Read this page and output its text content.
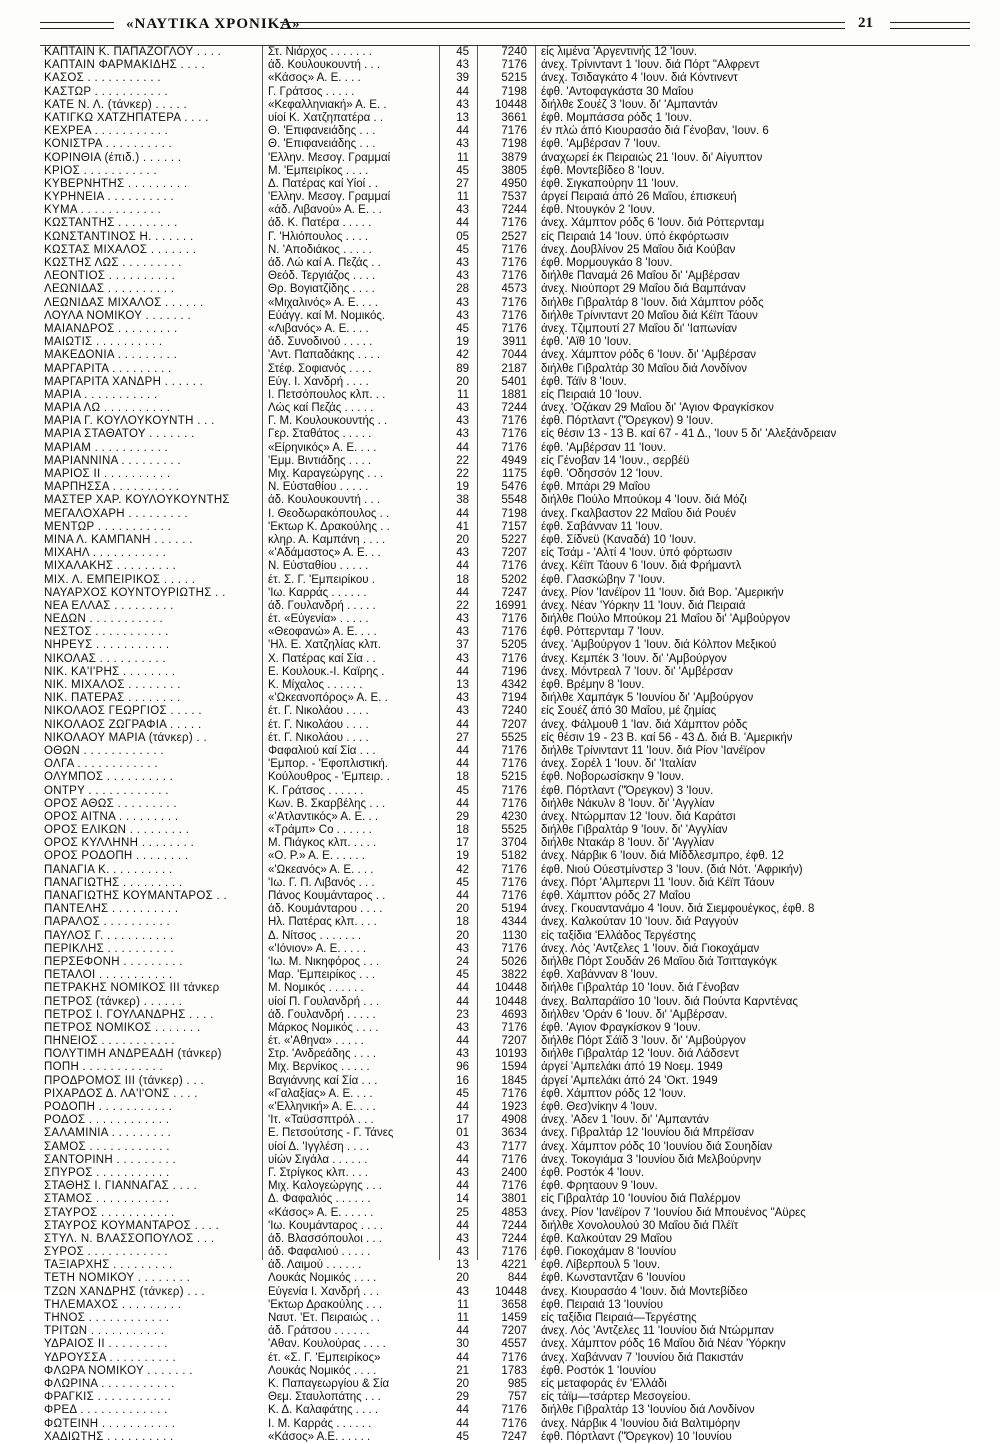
«ΝΑΥΤΙΚΑ ΧΡΟΝΙΚΑ»	21
ΚΑΠΤΑΙΝ Κ. ΠΑΠΑΖΟΓΛΟΥ . . . .	Στ. Νιάρχος . . . . . . .	45	7240	είς λιμένα 'Αργεντινής 12 'Ιουν.
ΚΑΠΤΑΙΝ ΦΑΡΜΑΚΙΔΗΣ . . . .	άδ. Κουλουκουντή . . .	43	7176	άνεχ. Τρίνινταντ 1 'Ιουν. διά Πόρτ "Αλφρεντ
ΚΑΣΟΣ . . . . . . . . . . .	«Κάσος» Α. Ε. . . .	39	5215	άνεχ. Τσιδαγκάτο 4 'Ιουν. διά Κόντινεντ
ΚΑΣΤΩΡ . . . . . . . . . . .	Γ. Γράτσος . . . . .	44	7198	έφθ. 'Αντοφαγκάστα 30 Μαΐου
ΚΑΤΕ Ν. Λ. (τάνκερ) . . . . .	«Κεφαλληνιακή» Α. Ε. .	43	10448	διήλθε Σουέζ 3 'Ιουν. δι' 'Αμπαντάν
ΚΑΤΙΓΚΩ ΧΑΤΖΗΠΑΤΕΡΑ . . . .	υίοί Κ. Χατζηπατέρα . .	13	3661	έφθ. Μομπάσσα ρόδς 1 'Ιουν.
ΚΕΧΡΕΑ . . . . . . . . . . .	Θ. 'Επιφανειάδης . . .	44	7176	έν πλώ άπό Κιουρασάο διά Γένοβαν, 'Ιουν. 6
ΚΟΝΙΣΤΡΑ . . . . . . . . . .	Θ. 'Επιφανειάδης . . .	43	7198	έφθ. 'Αμβέρσαν 7 'Ιουν.
ΚΟΡΙΝΘΙΑ (έπιδ.) . . . . . .	'Ελλην. Μεσογ. Γραμμαί	11	3879	άναχωρεί έκ Πειραιώς 21 'Ιουν. δι' Αίγυπτον
ΚΡΙΟΣ . . . . . . . . . . .	Μ. 'Εμπειρίκος . . . .	45	3805	έφθ. Μοντεβίδεο 8 'Ιουν.
ΚΥΒΕΡΝΗΤΗΣ . . . . . . . . .	Δ. Πατέρας καί Υίοί . .	27	4950	έφθ. Σιγκαπούρην 11 'Ιουν.
ΚΥΡΗΝΕΙΑ . . . . . . . . . .	'Ελλην. Μεσογ. Γραμμαί	11	7537	άργεί Πειραιά άπό 26 Μαΐου, έπισκευή
ΚΥΜΑ . . . . . . . . . . . .	«άδ. Λιβανού» Α. Ε. . .	43	7244	έφθ. Ντουγκόν 2 'Ιουν.
ΚΩΣΤΑΝΤΗΣ . . . . . . . . .	άδ. Κ. Πατέρα . . . . .	44	7176	άνεχ. Χάμπτον ρόδς 6 'Ιουν. διά Ρόττερνταμ
ΚΩΝΣΤΑΝΤΙΝΟΣ Η. . . . . . .	Γ. 'Ηλιόπουλος . . . .	05	2527	είς Πειραιά 14 'Ιουν. ύπό έκφόρτωσιν
ΚΩΣΤΑΣ ΜΙΧΑΛΟΣ . . . . . . .	Ν. 'Αποδιάκος . . . . .	45	7176	άνεχ. Δουβλίνον 25 Μαΐου διά Κούβαν
ΚΩΣΤΗΣ ΛΩΣ . . . . . . . . .	άδ. Λώ καί Α. Πεζάς . .	43	7176	έφθ. Μορμουγκάο 8 'Ιουν.
ΛΕΟΝΤΙΟΣ . . . . . . . . . .	Θεόδ. Τεργιάζος . . . .	43	7176	διήλθε Παναμά 26 Μαΐου δι' 'Αμβέρσαν
ΛΕΩΝΙΔΑΣ . . . . . . . . . .	Θρ. Βογιατζίδης . . . .	28	4573	άνεχ. Νιούπορτ 29 Μαΐου διά Βαμπάναν
ΛΕΩΝΙΔΑΣ ΜΙΧΑΛΟΣ . . . . . .	«Μιχαλινός» Α. Ε. . . .	43	7176	διήλθε Γιβραλτάρ 8 'Ιουν. διά Χάμπτον ρόδς
ΛΟΥΛΑ ΝΟΜΙΚΟΥ . . . . . . .	Εύάγγ. καί Μ. Νομικός.	43	7176	διήλθε Τρίνινταντ 20 Μαΐου διά Κέϊπ Τάουν
ΜΑΙΑΝΔΡΟΣ . . . . . . . . .	«Λιβανός» Α. Ε. . . .	45	7176	άνεχ. Τζιμπουτί 27 Μαΐου δι' 'Ιαπωνίαν
ΜΑΙΩΤΙΣ . . . . . . . . . .	άδ. Συνοδινού . . . . .	19	3911	έφθ. 'Αϊθ 10 'Ιουν.
ΜΑΚΕΔΟΝΙΑ . . . . . . . . .	'Αντ. Παπαδάκης . . . .	42	7044	άνεχ. Χάμπτον ρόδς 6 'Ιουν. δι' 'Αμβέρσαν
ΜΑΡΓΑΡΙΤΑ . . . . . . . . .	Στέφ. Σοφιανός . . . .	89	2187	διήλθε Γιβραλτάρ 30 Μαΐου διά Λονδίνον
ΜΑΡΓΑΡΙΤΑ ΧΑΝΔΡΗ . . . . . .	Εύγ. Ι. Χανδρή . . . .	20	5401	έφθ. Τάϊν 8 'Ιουν.
ΜΑΡΙΑ . . . . . . . . . . .	Ι. Πετσόπουλος κλπ. . .	11	1881	είς Πειραιά 10 'Ιουν.
ΜΑΡΙΑ ΛΩ . . . . . . . . . .	Λώς καί Πεζάς . . . . .	43	7244	άνεχ. 'Οζάκαν 29 Μαΐου δι' 'Αγιον Φραγκίσκον
ΜΑΡΙΑ Γ. ΚΟΥΛΟΥΚΟΥΝΤΗ . . .	Γ. Μ. Κουλουκουντής . .	43	7176	έφθ. Πόρτλαντ ("Όρεγκον) 9 'Ιουν.
ΜΑΡΙΑ ΣΤΑΘΑΤΟΥ . . . . . . .	Γερ. Σταθάτος . . . . .	43	7176	είς θέσιν 13 - 13 Β. καί 67 - 41 Δ., 'Ιουν 5 δι' 'Αλεξάνδρειαν
ΜΑΡΙΑΜ . . . . . . . . . . .	«Είρηνικός» Α. Ε. . . .	44	7176	έφθ. 'Αμβέρσαν 11 'Ιουν.
ΜΑΡΙΑΝΝΙΝΑ . . . . . . . . .	'Εμμ. Βιντιάδης . . . .	22	4949	είς Γένοβαν 14 'Ιουν., σερβέϋ
ΜΑΡΙΟΣ ΙΙ . . . . . . . . . .	Μιχ. Καραγεώργης . . .	22	1175	έφθ. 'Οδησσόν 12 'Ιουν.
ΜΑΡΠΗΣΣΑ . . . . . . . . . .	Ν. Εύσταθίου . . . . .	19	5476	έφθ. Μπάρι 29 Μαΐου
ΜΑΣΤΕΡ ΧΑΡ. ΚΟΥΛΟΥΚΟΥΝΤΗΣ	άδ. Κουλουκουντή . . .	38	5548	διήλθε Πούλο Μπούκομ 4 'Ιουν. διά Μόζι
ΜΕΓΑΛΟΧΑΡΗ . . . . . . . . .	Ι. Θεοδωρακόπουλος . .	44	7198	άνεχ. Γκαλβαστον 22 Μαΐου διά Ρουέν
ΜΕΝΤΩΡ . . . . . . . . . . .	'Εκτωρ Κ. Δρακούλης . .	41	7157	έφθ. Σαβάνναν 11 'Ιουν.
ΜΙΝΑ Λ. ΚΑΜΠΑΝΗ . . . . . .	κληρ. Α. Καμπάνη . . . .	20	5227	έφθ. Σίδνεϋ (Καναδά) 10 'Ιουν.
ΜΙΧΑΗΛ . . . . . . . . . . .	«'Αδάμαστος» Α. Ε. . .	43	7207	είς Τσάμ - 'Αλτί 4 'Ιουν. ύπό φόρτωσιν
ΜΙΧΑΛΑΚΗΣ . . . . . . . . .	Ν. Εύσταθίου . . . . .	44	7176	άνεχ. Κέϊπ Τάουν 6 'Ιουν. διά Φρήμαντλ
ΜΙΧ. Λ. ΕΜΠΕΙΡΙΚΟΣ . . . . .	έτ. Σ. Γ. 'Εμπειρίκου .	18	5202	έφθ. Γλασκώβην 7 'Ιουν.
ΝΑΥΑΡΧΟΣ ΚΟΥΝΤΟΥΡΙΩΤΗΣ . .	'Ιω. Καρράς . . . . . .	44	7247	άνεχ. Ρίον 'Ιανέϊρον 11 'Ιουν. διά Βορ. 'Αμερικήν
ΝΕΑ ΕΛΛΑΣ . . . . . . . . .	άδ. Γουλανδρή . . . . .	22	16991	άνεχ. Νέαν 'Υόρκην 11 'Ιουν. διά Πειραιά
ΝΕΔΩΝ . . . . . . . . . . .	έτ. «Εύγενία» . . . . .	43	7176	διήλθε Πούλο Μπούκομ 21 Μαΐου δι' 'Αμβούργον
ΝΕΣΤΟΣ . . . . . . . . . . .	«Θεοφανώ» Α. Ε. . . .	43	7176	έφθ. Ρόττερνταμ 7 'Ιουν.
ΝΗΡΕΥΣ . . . . . . . . . . .	'Ηλ. Ε. Χατζηλίας κλπ.	37	5205	άνεχ. 'Αμβούργον 1 'Ιουν. διά Κόλπον Μεξικού
ΝΙΚΟΛΑΣ . . . . . . . . . .	Χ. Πατέρας καί Σία . .	43	7176	άνεχ. Κεμπέκ 3 'Ιουν. δι' 'Αμβούργον
ΝΙΚ. ΚΑ'Ι'ΡΗΣ . . . . . . . .	Ε. Κουλουκ.-Ι. Καϊρης .	44	7196	άνεχ. Μόντρεαλ 7 'Ιουν. δι' 'Αμβέρσαν
ΝΙΚ. ΜΙΧΑΛΟΣ . . . . . . . .	Κ. Μίχαλος . . . . . .	13	4342	έφθ. Βρέμην 8 'Ιουν.
ΝΙΚ. ΠΑΤΕΡΑΣ . . . . . . . .	«'Ωκεανοπόρος» Α. Ε. .	43	7194	διήλθε Χαμπάγκ 5 'Ιουνίου δι' 'Αμβούργον
ΝΙΚΟΛΑΟΣ ΓΕΩΡΓΙΟΣ . . . . .	έτ. Γ. Νικολάου . . . .	43	7240	είς Σουέζ άπό 30 Μαΐου, μέ ζημίας
ΝΙΚΟΛΑΟΣ ΖΩΓΡΑΦΙΑ . . . . .	έτ. Γ. Νικολάου . . . .	44	7207	άνεχ. Φάλμουθ 1 'Ιαν. διά Χάμπτον ρόδς
ΝΙΚΟΛΑΟΥ ΜΑΡΙΑ (τάνκερ) . .	έτ. Γ. Νικολάου . . . .	27	5525	είς θέσιν 19 - 23 Β. καί 56 - 43 Δ. διά Β. 'Αμερικήν
ΟΘΩΝ . . . . . . . . . . . .	Φαφαλιού καί Σία . . .	44	7176	διήλθε Τρίνινταντ 11 'Ιουν. διά Ρίον 'Ιανέϊρον
ΟΛΓΑ . . . . . . . . . . . .	'Εμπορ. - 'Εφοπλιστική.	44	7176	άνεχ. Σορέλ 1 'Ιουν. δι' 'Ιταλίαν
ΟΛΥΜΠΟΣ . . . . . . . . . .	Κούλουθρος - 'Εμπειρ. .	18	5215	έφθ. Νοβορωσίσκην 9 'Ιουν.
ΟΝΤΡΥ . . . . . . . . . . . .	Κ. Γράτσος . . . . . .	45	7176	έφθ. Πόρτλαντ ("Όρεγκον) 3 'Ιουν.
ΟΡΟΣ ΑΘΩΣ . . . . . . . . .	Κων. Β. Σκαρβέλης . . .	44	7176	διήλθε Νάκυλν 8 'Ιουν. δι' 'Αγγλίαν
ΟΡΟΣ ΑΙΤΝΑ . . . . . . . . .	«'Ατλαντικός» Α. Ε. . .	29	4230	άνεχ. Ντώρμπαν 12 'Ιουν. διά Καράτσι
ΟΡΟΣ ΕΛΙΚΩΝ . . . . . . . . .	«Τράμπ» Co . . . . . .	18	5525	διήλθε Γιβραλτάρ 9 'Ιουν. δι' 'Αγγλίαν
ΟΡΟΣ ΚΥΛΛΗΝΗ . . . . . . . .	Μ. Πιάγκος κλπ. . . . .	17	3704	διήλθε Ντακάρ 8 'Ιουν. δι' 'Αγγλίαν
ΟΡΟΣ ΡΟΔΟΠΗ . . . . . . . .	«Ο. Ρ.» Α. Ε. . . . . .	19	5182	άνεχ. Νάρβικ 6 'Ιουν. διά Μίδδλεσμπρο, έφθ. 12
ΠΑΝΑΓΙΑ Κ. . . . . . . . . .	«'Ωκεανός» Α. Ε. . . .	42	7176	έφθ. Νιού Ούεστμίνστερ 3 'Ιουν. (διά Νότ. 'Αφρικήν)
ΠΑΝΑΓΙΩΤΗΣ . . . . . . . . .	'Ιω. Γ. Π. Λιβανός . . .	45	7176	άνεχ. Πόρτ 'Αλμπερνι 11 'Ιουν. διά Κέϊπ Τάουν
ΠΑΝΑΓΙΩΤΗΣ ΚΟΥΜΑΝΤΑΡΟΣ . .	Πάνος Κουμάνταρος . .	44	7176	έφθ. Χάμπτον ρόδς 27 Μαΐου
ΠΑΝΤΕΛΗΣ . . . . . . . . . .	άδ. Κουμάνταρου . . . .	20	5194	άνεχ. Γκουαντανάμο 4 'Ιουν. διά Σιεμφουέγκος, έφθ. 8
ΠΑΡΑΛΟΣ . . . . . . . . . .	Ηλ. Πατέρας κλπ. . . .	18	4344	άνεχ. Καλκούταν 10 'Ιουν. διά Ραγγούν
ΠΑΥΛΟΣ Γ. . . . . . . . . . .	Δ. Νίτσος . . . . . . .	20	1130	είς ταξίδια 'Ελλάδος Τεργέστης
ΠΕΡΙΚΛΗΣ . . . . . . . . . .	«'Ιόνιον» Α. Ε. . . . .	43	7176	άνεχ. Λός 'Αντζελες 1 'Ιουν. διά Γιοκοχάμαν
ΠΕΡΣΕΦΟΝΗ . . . . . . . . .	'Ιω. Μ. Νικηφόρος . . .	24	5026	διήλθε Πόρτ Σουδάν 26 Μαΐου διά Τσιτταγκόγκ
ΠΕΤΑΛΟΙ . . . . . . . . . . .	Μαρ. 'Εμπειρίκος . . .	45	3822	έφθ. Χαβάνναν 8 'Ιουν.
ΠΕΤΡΑΚΗΣ ΝΟΜΙΚΟΣ ΙΙΙ τάνκερ	Μ. Νομικός . . . . . .	44	10448	διήλθε Γιβραλτάρ 10 'Ιουν. διά Γένοβαν
ΠΕΤΡΟΣ (τάνκερ) . . . . . .	υίοί Π. Γουλανδρή . . .	44	10448	άνεχ. Βαλπαράϊσο 10 'Ιουν. διά Πούντα Καρντένας
ΠΕΤΡΟΣ Ι. ΓΟΥΛΑΝΔΡΗΣ . . . .	άδ. Γουλανδρή . . . . .	23	4693	διήλθεν 'Οράν 6 'Ιουν. δι' 'Αμβέρσαν.
ΠΕΤΡΟΣ ΝΟΜΙΚΟΣ . . . . . . .	Μάρκος Νομικός . . . .	43	7176	έφθ. 'Αγιον Φραγκίσκον 9 'Ιουν.
ΠΗΝΕΙΟΣ . . . . . . . . . . .	έτ. «'Αθηνα» . . . . .	44	7207	διήλθε Πόρτ Σάϊδ 3 'Ιουν. δι' 'Αμβούργον
ΠΟΛΥΤΙΜΗ ΑΝΔΡΕΑΔΗ (τάνκερ)	Στρ. 'Ανδρεάδης . . . .	43	10193	διήλθε Γιβραλτάρ 12 'Ιουν. διά Λάδσεντ
ΠΟΠΗ . . . . . . . . . . . .	Μιχ. Βερνίκος . . . . .	96	1594	άργεί 'Αμπελάκι άπό 19 Νοεμ. 1949
ΠΡΟΔΡΟΜΟΣ ΙΙΙ (τάνκερ) . . .	Βαγιάννης καί Σία . . .	16	1845	άργεί 'Αμπελάκι άπό 24 'Οκτ. 1949
ΡΙΧΑΡΔΟΣ Δ. ΛΑ'Ι'ΟΝΣ . . . .	«Γαλαξίας» Α. Ε. . . .	45	7176	έφθ. Χάμπτον ρόδς 12 'Ιουν.
ΡΟΔΟΠΗ . . . . . . . . . . .	«'Ελληνική» Α. Ε. . . .	44	1923	έφθ. Θεσ)νίκην 4 'Ιουν.
ΡΟΔΟΣ . . . . . . . . . . . .	'Ιτ. «Ταϋσσπτρόλ . . .	17	4908	άνεχ. 'Αδεν 1 'Ιουν. δι' 'Αμπαντάν
ΣΑΛΑΜΙΝΙΑ . . . . . . . . .	Ε. Πετσούτσης - Γ. Τάνες	01	3634	άνεχ. Γιβραλτάρ 12 'Ιουνίου διά Μπρέϊσαν
ΣΑΜΟΣ . . . . . . . . . . . .	υίοί Δ. 'Ιγγλέση . . . .	43	7177	άνεχ. Χάμπτον ρόδς 10 'Ιουνίου διά Σουηδίαν
ΣΑΝΤΟΡΙΝΗ . . . . . . . . .	υίών Σιγάλα . . . . . .	44	7176	άνεχ. Τοκογιάμα 3 'Ιουνίου διά Μελβούρνην
ΣΠΥΡΟΣ . . . . . . . . . . .	Γ. Στρίγκος κλπ. . . .	43	2400	έφθ. Ροστόκ 4 'Ιουν.
ΣΤΑΘΗΣ Ι. ΓΙΑΝΝΑΓΑΣ . . . .	Μιχ. Καλογεώργης . . .	44	7176	έφθ. Φρηταουν 9 'Ιουν.
ΣΤΑΜΟΣ . . . . . . . . . . .	Δ. Φαφαλιός . . . . . .	14	3801	είς Γιβραλτάρ 10 'Ιουνίου διά Παλέρμον
ΣΤΑΥΡΟΣ . . . . . . . . . . .	«Κάσος» Α. Ε. . . . . .	25	4853	άνεχ. Ρίον 'Ιανέϊρον 7 'Ιουνίου διά Μπουένος "Αϋρες
ΣΤΑΥΡΟΣ ΚΟΥΜΑΝΤΑΡΟΣ . . . .	'Ιω. Κουμάνταρος . . . .	44	7244	διήλθε Χονολουλού 30 Μαΐου διά Πλέϊτ
ΣΤΥΛ. Ν. ΒΛΑΣΣΟΠΟΥΛΟΣ . . .	άδ. Βλασσόπουλοι . . .	43	7244	έφθ. Καλκούταν 29 Μαΐου
ΣΥΡΟΣ . . . . . . . . . . . .	άδ. Φαφαλιού . . . . .	43	7176	έφθ. Γιοκοχάμαν 8 'Ιουνίου
ΤΑΞΙΑΡΧΗΣ . . . . . . . . .	άδ. Λαιμού . . . . . .	13	4221	έφθ. Λίβερπουλ 5 'Ιουν.
ΤΕΤΗ ΝΟΜΙΚΟΥ . . . . . . . .	Λουκάς Νομικός . . . .	20	844	έφθ. Κωνσταντζαν 6 'Ιουνίου
ΤΖΩΝ ΧΑΝΔΡΗΣ (τάνκερ) . . .	Εύγενία Ι. Χανδρή . . .	43	10448	άνεχ. Κιουρασάο 4 'Ιουν. διά Μοντεβίδεο
ΤΗΛΕΜΑΧΟΣ . . . . . . . . .	'Εκτωρ Δρακούλης . . .	11	3658	έφθ. Πειραιά 13 'Ιουνίου
ΤΗΝΟΣ . . . . . . . . . . . .	Ναυτ. 'Ετ. Πειραιώς . .	11	1459	είς ταξίδια Πειραιά—Τεργέστης
ΤΡΙΤΩΝ . . . . . . . . . . .	άδ. Γράτσου . . . . . .	44	7207	άνεχ. Λός 'Αντζελες 11 'Ιουνίου διά Ντώρμπαν
ΥΔΡΑΙΟΣ ΙΙ . . . . . . . . .	'Αθαν. Κουλούρας . . . .	30	4557	άνεχ. Χάμπτον ρόδς 16 Μαΐου διά Νέαν 'Υόρκην
ΥΔΡΟΥΣΣΑ . . . . . . . . . .	έτ. «Σ. Γ. 'Εμπειρίκος»	44	7176	άνεχ. Χαβάνναν 7 'Ιουνίου διά Πακιστάν
ΦΛΩΡΑ ΝΟΜΙΚΟΥ . . . . . . .	Λουκάς Νομικός . . . .	21	1783	έφθ. Ροστόκ 1 'Ιουνίου
ΦΛΩΡΙΝΑ . . . . . . . . . . .	Κ. Παπαγεωργίου & Σία	20	985	είς μεταφοράς έν 'Ελλάδι
ΦΡΑΓΚΙΣ . . . . . . . . . . .	Θεμ. Σταυλοπάτης . . .	29	757	είς τάϊμ—τσάρτερ Μεσογείου.
ΦΡΕΔ . . . . . . . . . . . . .	Κ. Δ. Καλαφάτης . . . .	44	7176	διήλθε Γιβραλτάρ 13 'Ιουνίου διά Λονδίνον
ΦΩΤΕΙΝΗ . . . . . . . . . . .	Ι. Μ. Καρράς . . . . . .	44	7176	άνεχ. Νάρβικ 4 'Ιουνίου διά Βαλτιμόρην
ΧΑΔΙΩΤΗΣ . . . . . . . . . .	«Κάσος» Α.Ε. . . . . .	45	7247	έφθ. Πόρτλαντ ("Όρεγκον) 10 'Ιουνίου
